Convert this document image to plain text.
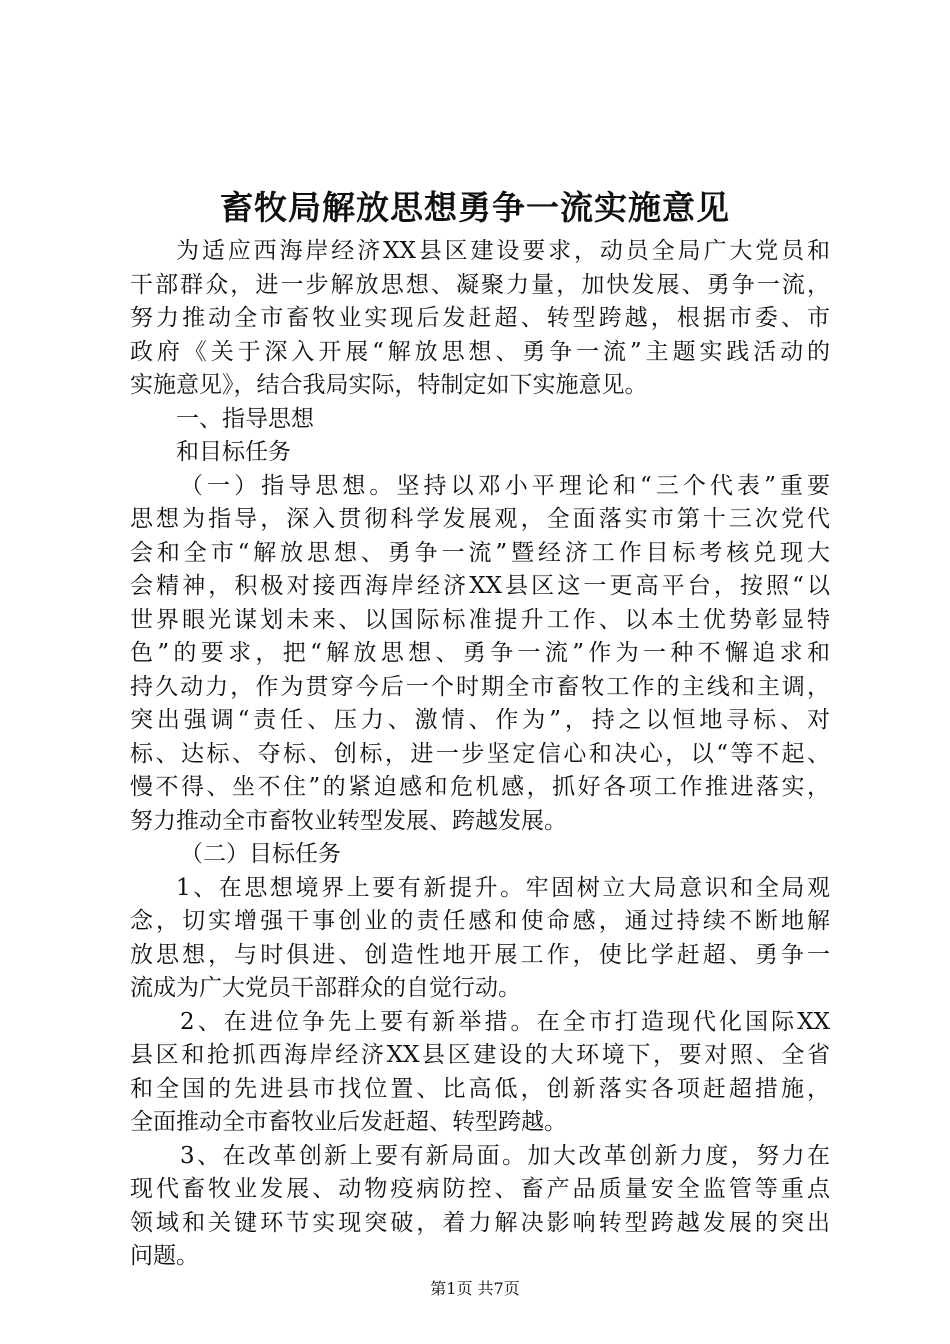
畜牧局解放思想勇争一流实施意见
为适应西海岸经济XX县区建设要求，动员全局广大党员和
干部群众，进一步解放思想、凝聚力量，加快发展、勇争一流，
努力推动全市畜牧业实现后发赶超、转型跨越，根据市委、市
政府《关于深入开展“解放思想、勇争一流”主题实践活动的
实施意见》，结合我局实际，特制定如下实施意见。
一、指导思想
和目标任务
（一）指导思想。坚持以邓小平理论和“三个代表”重要
思想为指导，深入贯彻科学发展观，全面落实市第十三次党代
会和全市“解放思想、勇争一流”暨经济工作目标考核兑现大
会精神，积极对接西海岸经济XX县区这一更高平台，按照“以
世界眼光谋划未来、以国际标准提升工作、以本土优势彰显特
色”的要求，把“解放思想、勇争一流”作为一种不懈追求和
持久动力，作为贯穿今后一个时期全市畜牧工作的主线和主调，
突出强调“责任、压力、激情、作为”，持之以恒地寻标、对
标、达标、夺标、创标，进一步坚定信心和决心，以“等不起、
慢不得、坐不住”的紧迫感和危机感，抓好各项工作推进落实，
努力推动全市畜牧业转型发展、跨越发展。
（二）目标任务
1、在思想境界上要有新提升。牢固树立大局意识和全局观
念，切实增强干事创业的责任感和使命感，通过持续不断地解
放思想，与时俱进、创造性地开展工作，使比学赶超、勇争一
流成为广大党员干部群众的自觉行动。
2、在进位争先上要有新举措。在全市打造现代化国际XX
县区和抢抓西海岸经济XX县区建设的大环境下，要对照、全省
和全国的先进县市找位置、比高低，创新落实各项赶超措施，
全面推动全市畜牧业后发赶超、转型跨越。
3、在改革创新上要有新局面。加大改革创新力度，努力在
现代畜牧业发展、动物疫病防控、畜产品质量安全监管等重点
领域和关键环节实现突破，着力解决影响转型跨越发展的突出
问题。
第1页 共7页
